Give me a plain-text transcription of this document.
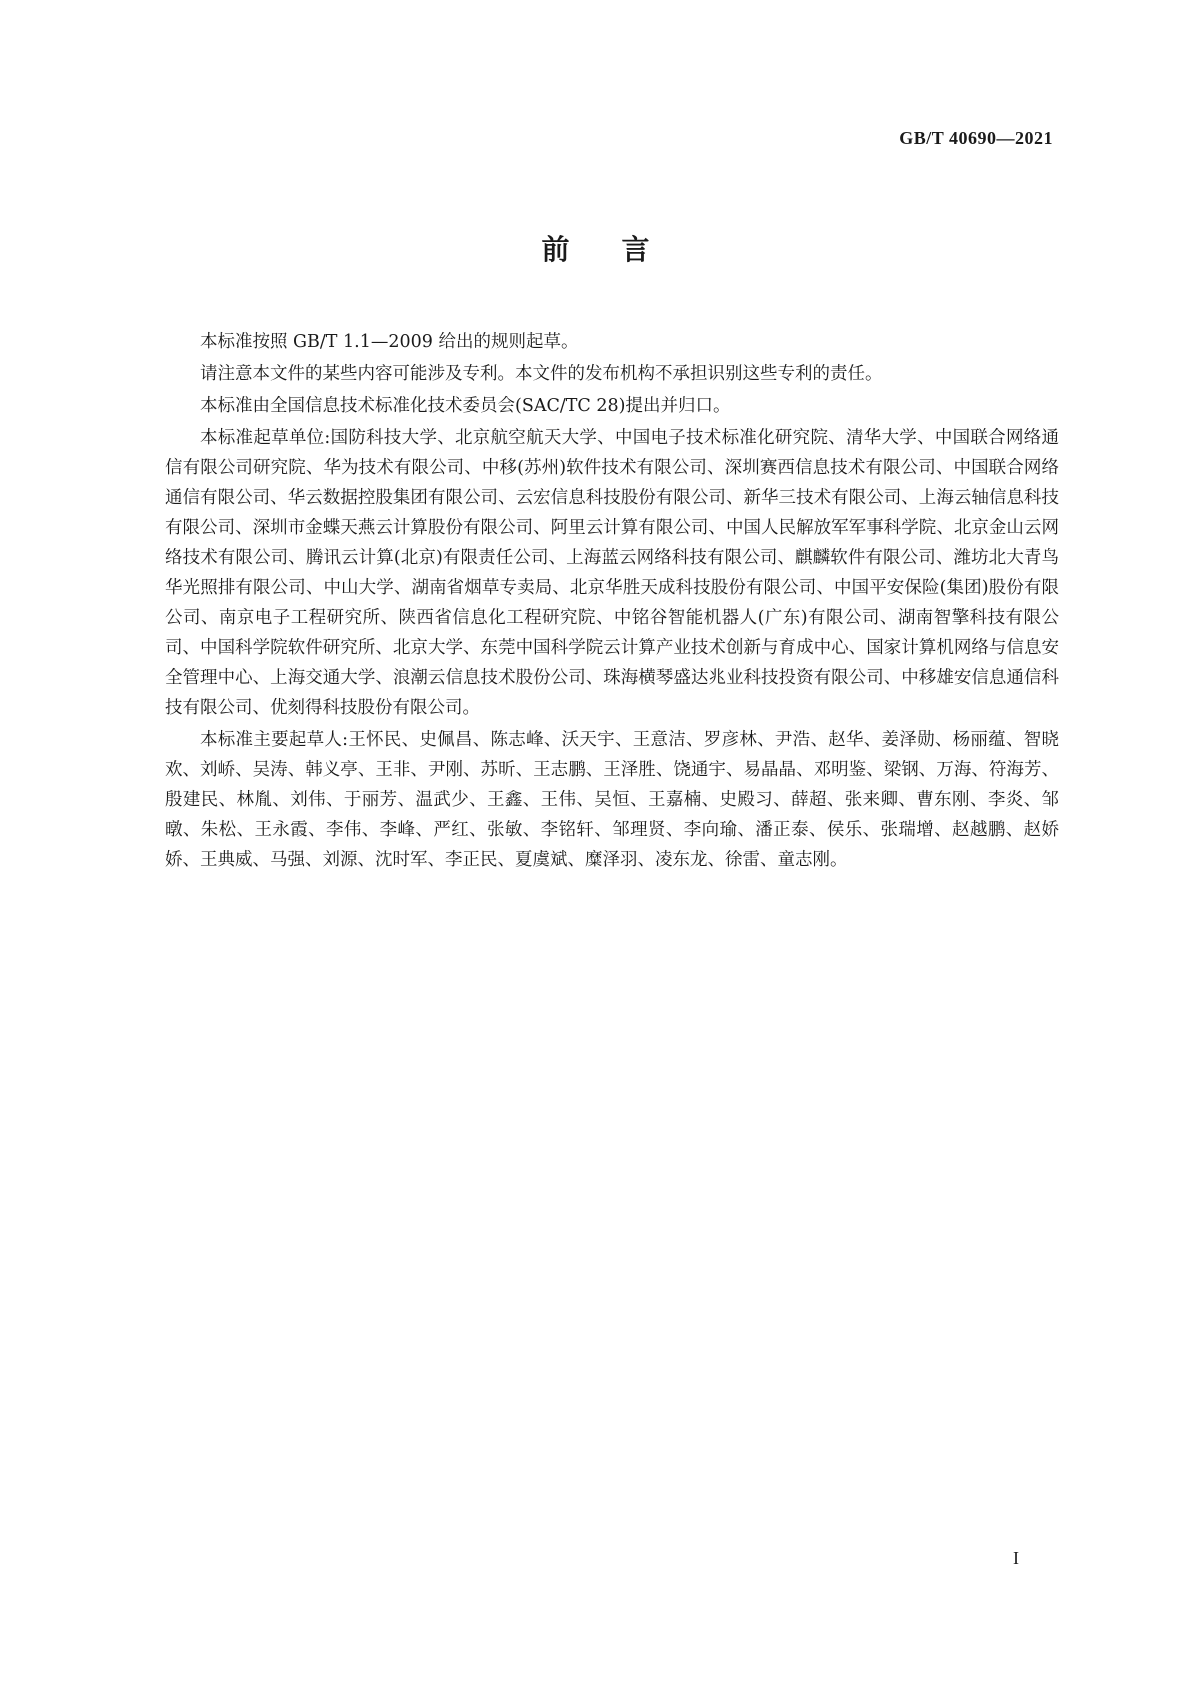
GB/T 40690—2021
前 言

本标准按照 GB/T 1.1—2009 给出的规则起草。

请注意本文件的某些内容可能涉及专利。本文件的发布机构不承担识别这些专利的责任。

本标准由全国信息技术标准化技术委员会(SAC/TC 28)提出并归口。

本标准起草单位:国防科技大学、北京航空航天大学、中国电子技术标准化研究院、清华大学、中国联合网络通信有限公司研究院、华为技术有限公司、中移(苏州)软件技术有限公司、深圳赛西信息技术有限公司、中国联合网络通信有限公司、华云数据控股集团有限公司、云宏信息科技股份有限公司、新华三技术有限公司、上海云轴信息科技有限公司、深圳市金蝶天燕云计算股份有限公司、阿里云计算有限公司、中国人民解放军军事科学院、北京金山云网络技术有限公司、腾讯云计算(北京)有限责任公司、上海蓝云网络科技有限公司、麒麟软件有限公司、潍坊北大青鸟华光照排有限公司、中山大学、湖南省烟草专卖局、北京华胜天成科技股份有限公司、中国平安保险(集团)股份有限公司、南京电子工程研究所、陕西省信息化工程研究院、中铭谷智能机器人(广东)有限公司、湖南智擎科技有限公司、中国科学院软件研究所、北京大学、东莞中国科学院云计算产业技术创新与育成中心、国家计算机网络与信息安全管理中心、上海交通大学、浪潮云信息技术股份公司、珠海横琴盛达兆业科技投资有限公司、中移雄安信息通信科技有限公司、优刻得科技股份有限公司。

本标准主要起草人:王怀民、史佩昌、陈志峰、沃天宇、王意洁、罗彦林、尹浩、赵华、姜泽勋、杨丽蕴、智晓欢、刘峤、吴涛、韩义亭、王非、尹刚、苏昕、王志鹏、王泽胜、饶通宇、易晶晶、邓明鉴、梁钢、万海、符海芳、殷建民、林胤、刘伟、于丽芳、温武少、王鑫、王伟、吴恒、王嘉楠、史殿习、薛超、张来卿、曹东刚、李炎、邹暾、朱松、王永霞、李伟、李峰、严红、张敏、李铭轩、邹理贤、李向瑜、潘正泰、侯乐、张瑞增、赵越鹏、赵娇娇、王典威、马强、刘源、沈时军、李正民、夏虞斌、糜泽羽、凌东龙、徐雷、童志刚。

I
